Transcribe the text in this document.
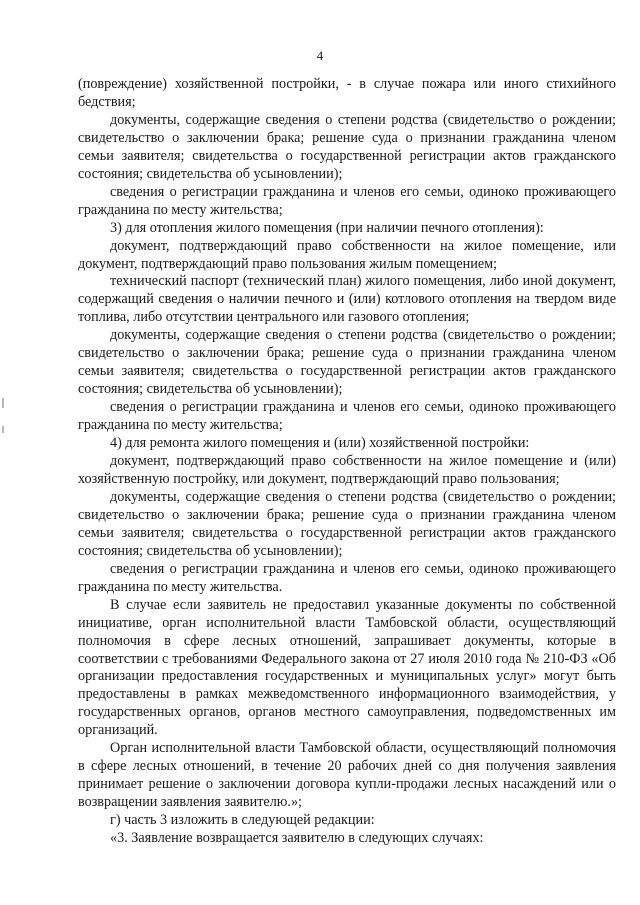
4

(повреждение) хозяйственной постройки, - в случае пожара или иного стихийного бедствия;

документы, содержащие сведения о степени родства (свидетельство о рождении; свидетельство о заключении брака; решение суда о признании гражданина членом семьи заявителя; свидетельства о государственной регистрации актов гражданского состояния; свидетельства об усыновлении);

сведения о регистрации гражданина и членов его семьи, одиноко проживающего гражданина по месту жительства;

3) для отопления жилого помещения (при наличии печного отопления):

документ, подтверждающий право собственности на жилое помещение, или документ, подтверждающий право пользования жилым помещением;

технический паспорт (технический план) жилого помещения, либо иной документ, содержащий сведения о наличии печного и (или) котлового отопления на твердом виде топлива, либо отсутствии центрального или газового отопления;

документы, содержащие сведения о степени родства (свидетельство о рождении; свидетельство о заключении брака; решение суда о признании гражданина членом семьи заявителя; свидетельства о государственной регистрации актов гражданского состояния; свидетельства об усыновлении);

сведения о регистрации гражданина и членов его семьи, одиноко проживающего гражданина по месту жительства;

4) для ремонта жилого помещения и (или) хозяйственной постройки:

документ, подтверждающий право собственности на жилое помещение и (или) хозяйственную постройку, или документ, подтверждающий право пользования;

документы, содержащие сведения о степени родства (свидетельство о рождении; свидетельство о заключении брака; решение суда о признании гражданина членом семьи заявителя; свидетельства о государственной регистрации актов гражданского состояния; свидетельства об усыновлении);

сведения о регистрации гражданина и членов его семьи, одиноко проживающего гражданина по месту жительства.

В случае если заявитель не предоставил указанные документы по собственной инициативе, орган исполнительной власти Тамбовской области, осуществляющий полномочия в сфере лесных отношений, запрашивает документы, которые в соответствии с требованиями Федерального закона от 27 июля 2010 года № 210-ФЗ «Об организации предоставления государственных и муниципальных услуг» могут быть предоставлены в рамках межведомственного информационного взаимодействия, у государственных органов, органов местного самоуправления, подведомственных им организаций.

Орган исполнительной власти Тамбовской области, осуществляющий полномочия в сфере лесных отношений, в течение 20 рабочих дней со дня получения заявления принимает решение о заключении договора купли-продажи лесных насаждений или о возвращении заявления заявителю.»;

г) часть 3 изложить в следующей редакции:

«3. Заявление возвращается заявителю в следующих случаях:
